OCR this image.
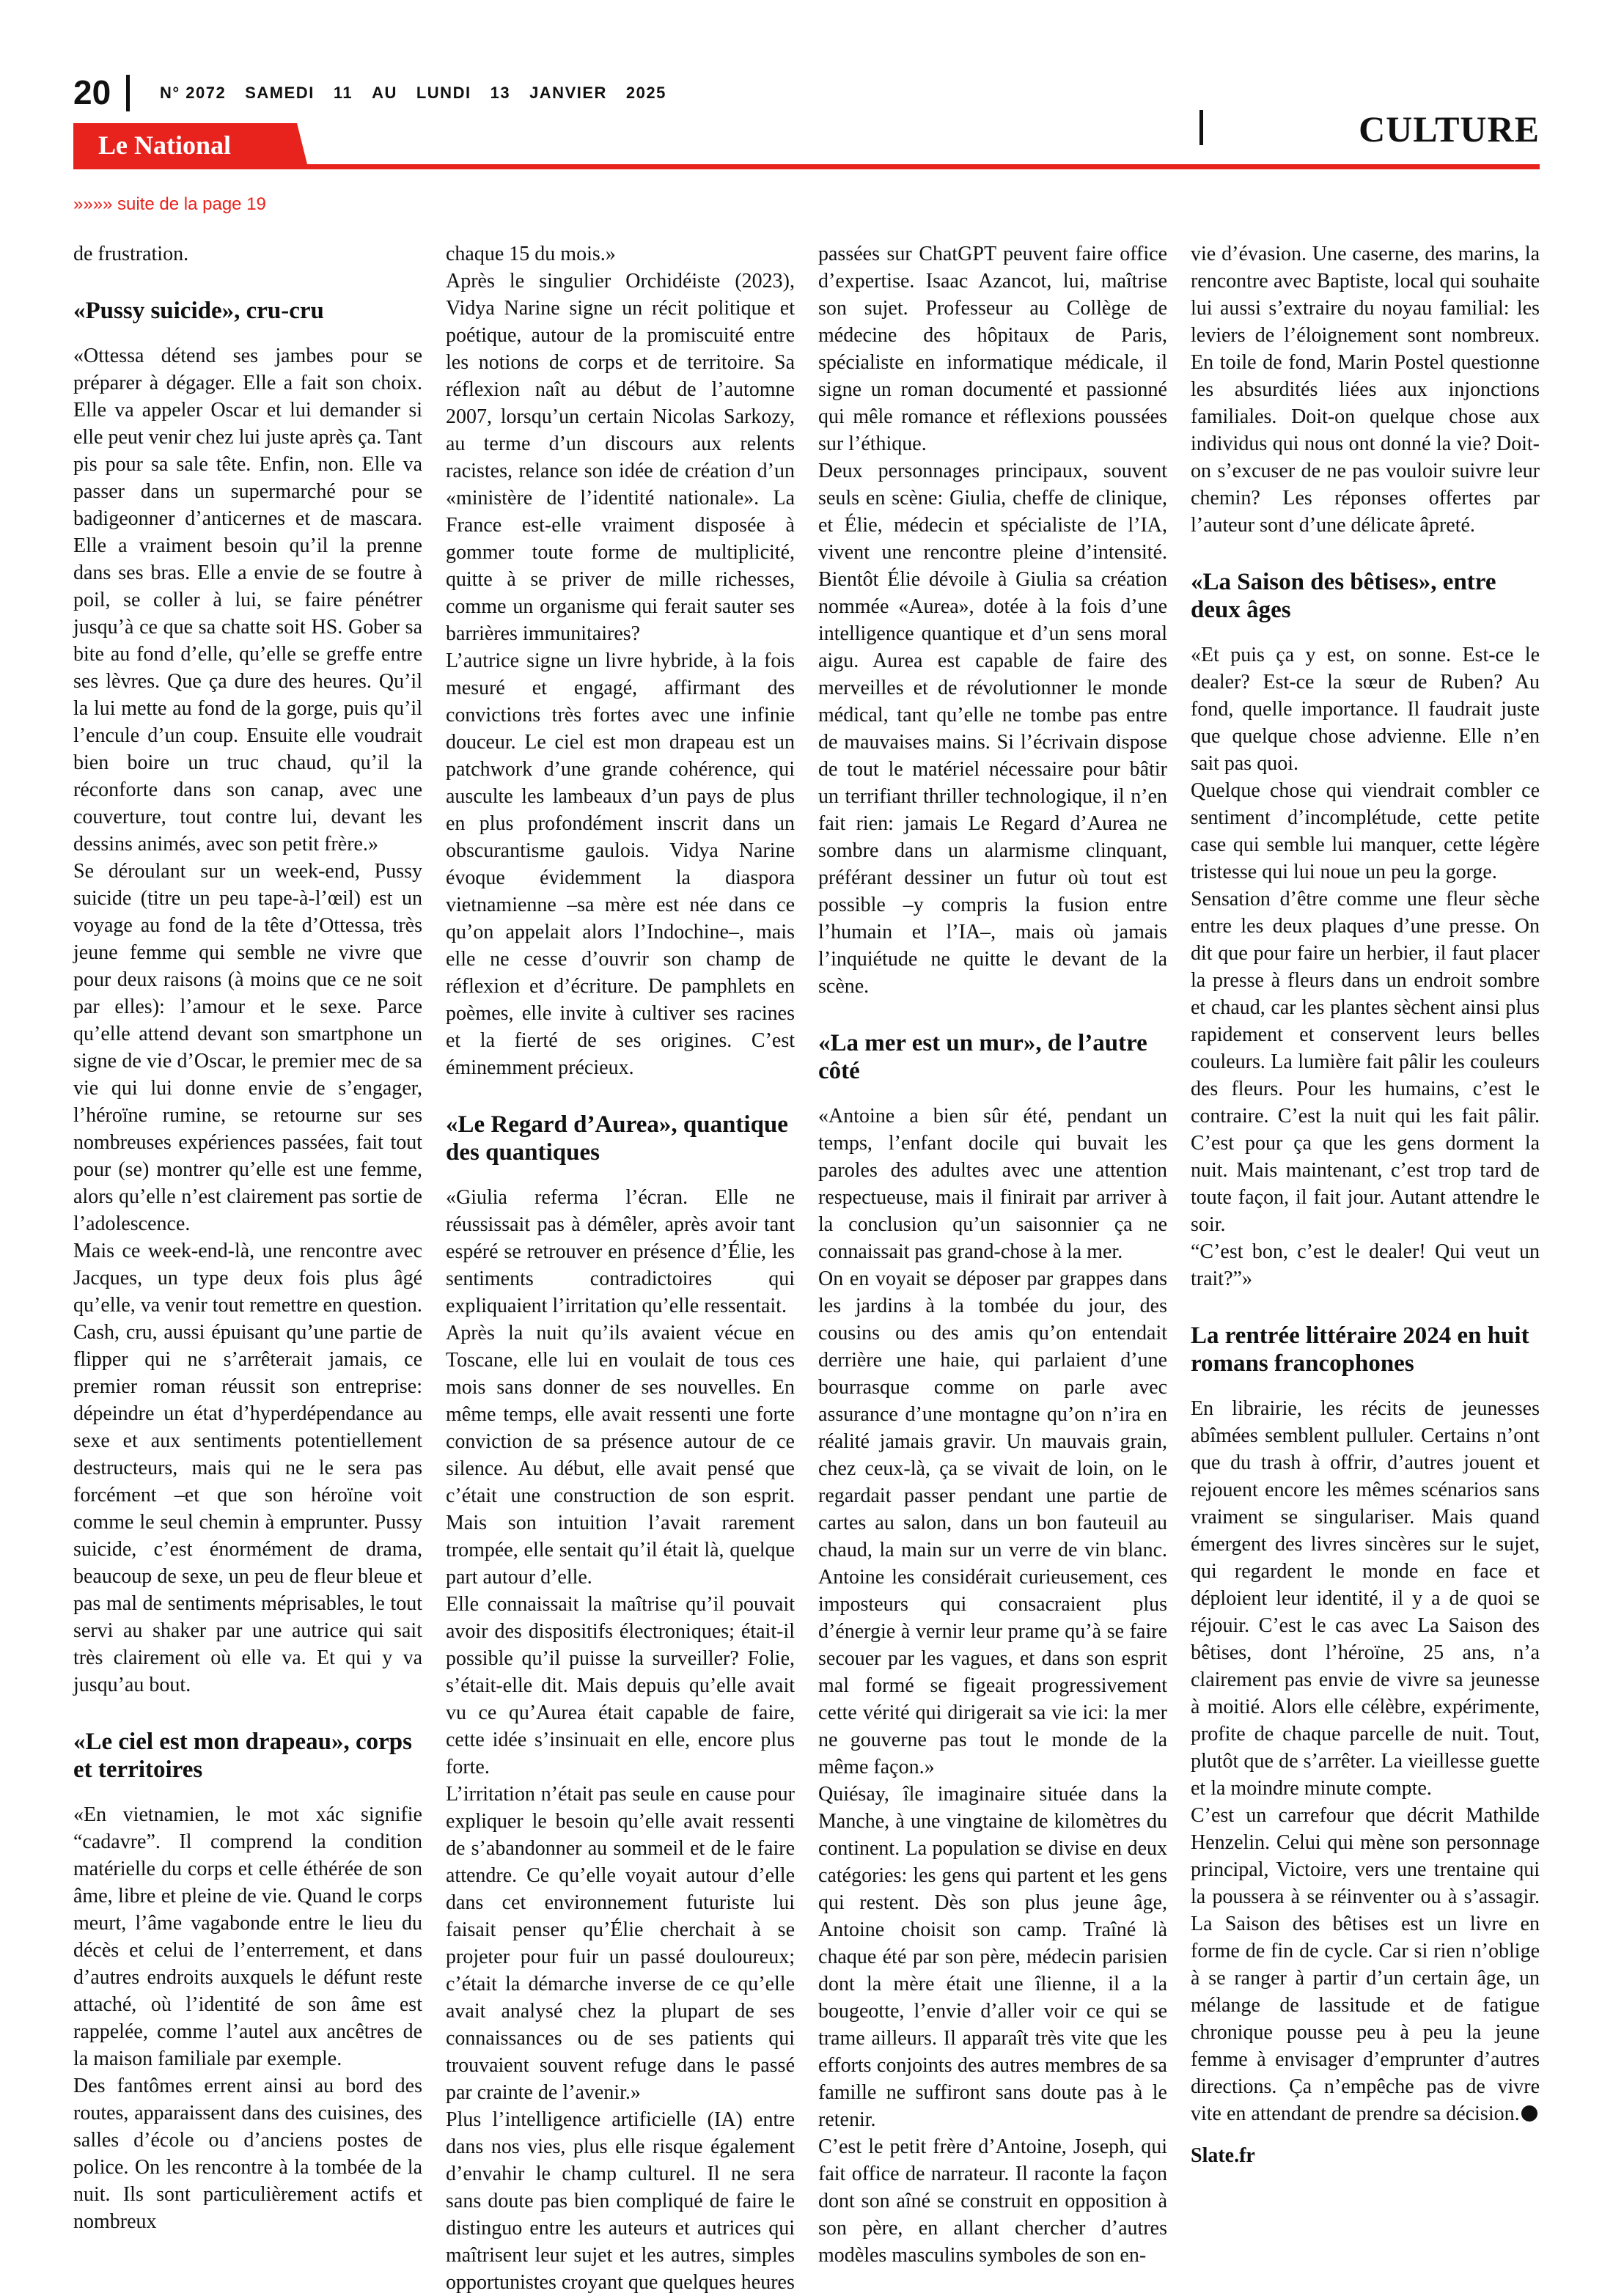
20	N° 2072 SAMEDI 11 AU LUNDI 13 JANVIER 2025
Le National	CULTURE
»»»» suite de la page 19

de frustration.

«Pussy suicide», cru-cru

«Ottessa détend ses jambes pour se préparer à dégager. Elle a fait son choix. Elle va appeler Oscar et lui demander si elle peut venir chez lui juste après ça. Tant pis pour sa sale tête. Enfin, non. Elle va passer dans un supermarché pour se badigeonner d’anticernes et de mascara. Elle a vraiment besoin qu’il la prenne dans ses bras. Elle a envie de se foutre à poil, se coller à lui, se faire pénétrer jusqu’à ce que sa chatte soit HS. Gober sa bite au fond d’elle, qu’elle se greffe entre ses lèvres. Que ça dure des heures. Qu’il la lui mette au fond de la gorge, puis qu’il l’encule d’un coup. Ensuite elle voudrait bien boire un truc chaud, qu’il la réconforte dans son canap, avec une couverture, tout contre lui, devant les dessins animés, avec son petit frère.»

Se déroulant sur un week-end, Pussy suicide (titre un peu tape-à-l’œil) est un voyage au fond de la tête d’Ottessa, très jeune femme qui semble ne vivre que pour deux raisons (à moins que ce ne soit par elles): l’amour et le sexe. Parce qu’elle attend devant son smartphone un signe de vie d’Oscar, le premier mec de sa vie qui lui donne envie de s’engager, l’héroïne rumine, se retourne sur ses nombreuses expériences passées, fait tout pour (se) montrer qu’elle est une femme, alors qu’elle n’est clairement pas sortie de l’adolescence.

Mais ce week-end-là, une rencontre avec Jacques, un type deux fois plus âgé qu’elle, va venir tout remettre en question.

Cash, cru, aussi épuisant qu’une partie de flipper qui ne s’arrêterait jamais, ce premier roman réussit son entreprise: dépeindre un état d’hyperdépendance au sexe et aux sentiments potentiellement destructeurs, mais qui ne le sera pas forcément –et que son héroïne voit comme le seul chemin à emprunter. Pussy suicide, c’est énormément de drama, beaucoup de sexe, un peu de fleur bleue et pas mal de sentiments méprisables, le tout servi au shaker par une autrice qui sait très clairement où elle va. Et qui y va jusqu’au bout.

«Le ciel est mon drapeau», corps et territoires

«En vietnamien, le mot xác signifie “cadavre”. Il comprend la condition matérielle du corps et celle éthérée de son âme, libre et pleine de vie. Quand le corps meurt, l’âme vagabonde entre le lieu du décès et celui de l’enterrement, et dans d’autres endroits auxquels le défunt reste attaché, où l’identité de son âme est rappelée, comme l’autel aux ancêtres de la maison familiale par exemple.

Des fantômes errent ainsi au bord des routes, apparaissent dans des cuisines, des salles d’école ou d’anciens postes de police. On les rencontre à la tombée de la nuit. Ils sont particulièrement actifs et nombreux

chaque 15 du mois.»

Après le singulier Orchidéiste (2023), Vidya Narine signe un récit politique et poétique, autour de la promiscuité entre les notions de corps et de territoire. Sa réflexion naît au début de l’automne 2007, lorsqu’un certain Nicolas Sarkozy, au terme d’un discours aux relents racistes, relance son idée de création d’un «ministère de l’identité nationale». La France est-elle vraiment disposée à gommer toute forme de multiplicité, quitte à se priver de mille richesses, comme un organisme qui ferait sauter ses barrières immunitaires?

L’autrice signe un livre hybride, à la fois mesuré et engagé, affirmant des convictions très fortes avec une infinie douceur. Le ciel est mon drapeau est un patchwork d’une grande cohérence, qui ausculte les lambeaux d’un pays de plus en plus profondément inscrit dans un obscurantisme gaulois. Vidya Narine évoque évidemment la diaspora vietnamienne –sa mère est née dans ce qu’on appelait alors l’Indochine–, mais elle ne cesse d’ouvrir son champ de réflexion et d’écriture. De pamphlets en poèmes, elle invite à cultiver ses racines et la fierté de ses origines. C’est éminemment précieux.

«Le Regard d’Aurea», quantique des quantiques

«Giulia referma l’écran. Elle ne réussissait pas à démêler, après avoir tant espéré se retrouver en présence d’Élie, les sentiments contradictoires qui expliquaient l’irritation qu’elle ressentait.

Après la nuit qu’ils avaient vécue en Toscane, elle lui en voulait de tous ces mois sans donner de ses nouvelles. En même temps, elle avait ressenti une forte conviction de sa présence autour de ce silence. Au début, elle avait pensé que c’était une construction de son esprit. Mais son intuition l’avait rarement trompée, elle sentait qu’il était là, quelque part autour d’elle.

Elle connaissait la maîtrise qu’il pouvait avoir des dispositifs électroniques; était-il possible qu’il puisse la surveiller? Folie, s’était-elle dit. Mais depuis qu’elle avait vu ce qu’Aurea était capable de faire, cette idée s’insinuait en elle, encore plus forte.

L’irritation n’était pas seule en cause pour expliquer le besoin qu’elle avait ressenti de s’abandonner au sommeil et de le faire attendre. Ce qu’elle voyait autour d’elle dans cet environnement futuriste lui faisait penser qu’Élie cherchait à se projeter pour fuir un passé douloureux; c’était la démarche inverse de ce qu’elle avait analysé chez la plupart de ses connaissances ou de ses patients qui trouvaient souvent refuge dans le passé par crainte de l’avenir.»

Plus l’intelligence artificielle (IA) entre dans nos vies, plus elle risque également d’envahir le champ culturel. Il ne sera sans doute pas bien compliqué de faire le distinguo entre les auteurs et autrices qui maîtrisent leur sujet et les autres, simples opportunistes croyant que quelques heures

passées sur ChatGPT peuvent faire office d’expertise. Isaac Azancot, lui, maîtrise son sujet. Professeur au Collège de médecine des hôpitaux de Paris, spécialiste en informatique médicale, il signe un roman documenté et passionné qui mêle romance et réflexions poussées sur l’éthique.

Deux personnages principaux, souvent seuls en scène: Giulia, cheffe de clinique, et Élie, médecin et spécialiste de l’IA, vivent une rencontre pleine d’intensité. Bientôt Élie dévoile à Giulia sa création nommée «Aurea», dotée à la fois d’une intelligence quantique et d’un sens moral aigu. Aurea est capable de faire des merveilles et de révolutionner le monde médical, tant qu’elle ne tombe pas entre de mauvaises mains. Si l’écrivain dispose de tout le matériel nécessaire pour bâtir un terrifiant thriller technologique, il n’en fait rien: jamais Le Regard d’Aurea ne sombre dans un alarmisme clinquant, préférant dessiner un futur où tout est possible –y compris la fusion entre l’humain et l’IA–, mais où jamais l’inquiétude ne quitte le devant de la scène.

«La mer est un mur», de l’autre côté

«Antoine a bien sûr été, pendant un temps, l’enfant docile qui buvait les paroles des adultes avec une attention respectueuse, mais il finirait par arriver à la conclusion qu’un saisonnier ça ne connaissait pas grand-chose à la mer.

On en voyait se déposer par grappes dans les jardins à la tombée du jour, des cousins ou des amis qu’on entendait derrière une haie, qui parlaient d’une bourrasque comme on parle avec assurance d’une montagne qu’on n’ira en réalité jamais gravir. Un mauvais grain, chez ceux-là, ça se vivait de loin, on le regardait passer pendant une partie de cartes au salon, dans un bon fauteuil au chaud, la main sur un verre de vin blanc. Antoine les considérait curieusement, ces imposteurs qui consacraient plus d’énergie à vernir leur prame qu’à se faire secouer par les vagues, et dans son esprit mal formé se figeait progressivement cette vérité qui dirigerait sa vie ici: la mer ne gouverne pas tout le monde de la même façon.»

Quiésay, île imaginaire située dans la Manche, à une vingtaine de kilomètres du continent. La population se divise en deux catégories: les gens qui partent et les gens qui restent. Dès son plus jeune âge, Antoine choisit son camp. Traîné là chaque été par son père, médecin parisien dont la mère était une îlienne, il a la bougeotte, l’envie d’aller voir ce qui se trame ailleurs. Il apparaît très vite que les efforts conjoints des autres membres de sa famille ne suffiront sans doute pas à le retenir.

C’est le petit frère d’Antoine, Joseph, qui fait office de narrateur. Il raconte la façon dont son aîné se construit en opposition à son père, en allant chercher d’autres modèles masculins symboles de son en-

vie d’évasion. Une caserne, des marins, la rencontre avec Baptiste, local qui souhaite lui aussi s’extraire du noyau familial: les leviers de l’éloignement sont nombreux. En toile de fond, Marin Postel questionne les absurdités liées aux injonctions familiales. Doit-on quelque chose aux individus qui nous ont donné la vie? Doit-on s’excuser de ne pas vouloir suivre leur chemin? Les réponses offertes par l’auteur sont d’une délicate âpreté.

«La Saison des bêtises», entre deux âges

«Et puis ça y est, on sonne. Est-ce le dealer? Est-ce la sœur de Ruben? Au fond, quelle importance. Il faudrait juste que quelque chose advienne. Elle n’en sait pas quoi.

Quelque chose qui viendrait combler ce sentiment d’incomplétude, cette petite case qui semble lui manquer, cette légère tristesse qui lui noue un peu la gorge.

Sensation d’être comme une fleur sèche entre les deux plaques d’une presse. On dit que pour faire un herbier, il faut placer la presse à fleurs dans un endroit sombre et chaud, car les plantes sèchent ainsi plus rapidement et conservent leurs belles couleurs. La lumière fait pâlir les couleurs des fleurs. Pour les humains, c’est le contraire. C’est la nuit qui les fait pâlir. C’est pour ça que les gens dorment la nuit. Mais maintenant, c’est trop tard de toute façon, il fait jour. Autant attendre le soir.

“C’est bon, c’est le dealer! Qui veut un trait?”»

La rentrée littéraire 2024 en huit romans francophones

En librairie, les récits de jeunesses abîmées semblent pulluler. Certains n’ont que du trash à offrir, d’autres jouent et rejouent encore les mêmes scénarios sans vraiment se singulariser. Mais quand émergent des livres sincères sur le sujet, qui regardent le monde en face et déploient leur identité, il y a de quoi se réjouir. C’est le cas avec La Saison des bêtises, dont l’héroïne, 25 ans, n’a clairement pas envie de vivre sa jeunesse à moitié. Alors elle célèbre, expérimente, profite de chaque parcelle de nuit. Tout, plutôt que de s’arrêter. La vieillesse guette et la moindre minute compte.

C’est un carrefour que décrit Mathilde Henzelin. Celui qui mène son personnage principal, Victoire, vers une trentaine qui la poussera à se réinventer ou à s’assagir. La Saison des bêtises est un livre en forme de fin de cycle. Car si rien n’oblige à se ranger à partir d’un certain âge, un mélange de lassitude et de fatigue chronique pousse peu à peu la jeune femme à envisager d’emprunter d’autres directions. Ça n’empêche pas de vivre vite en attendant de prendre sa décision.

Slate.fr
